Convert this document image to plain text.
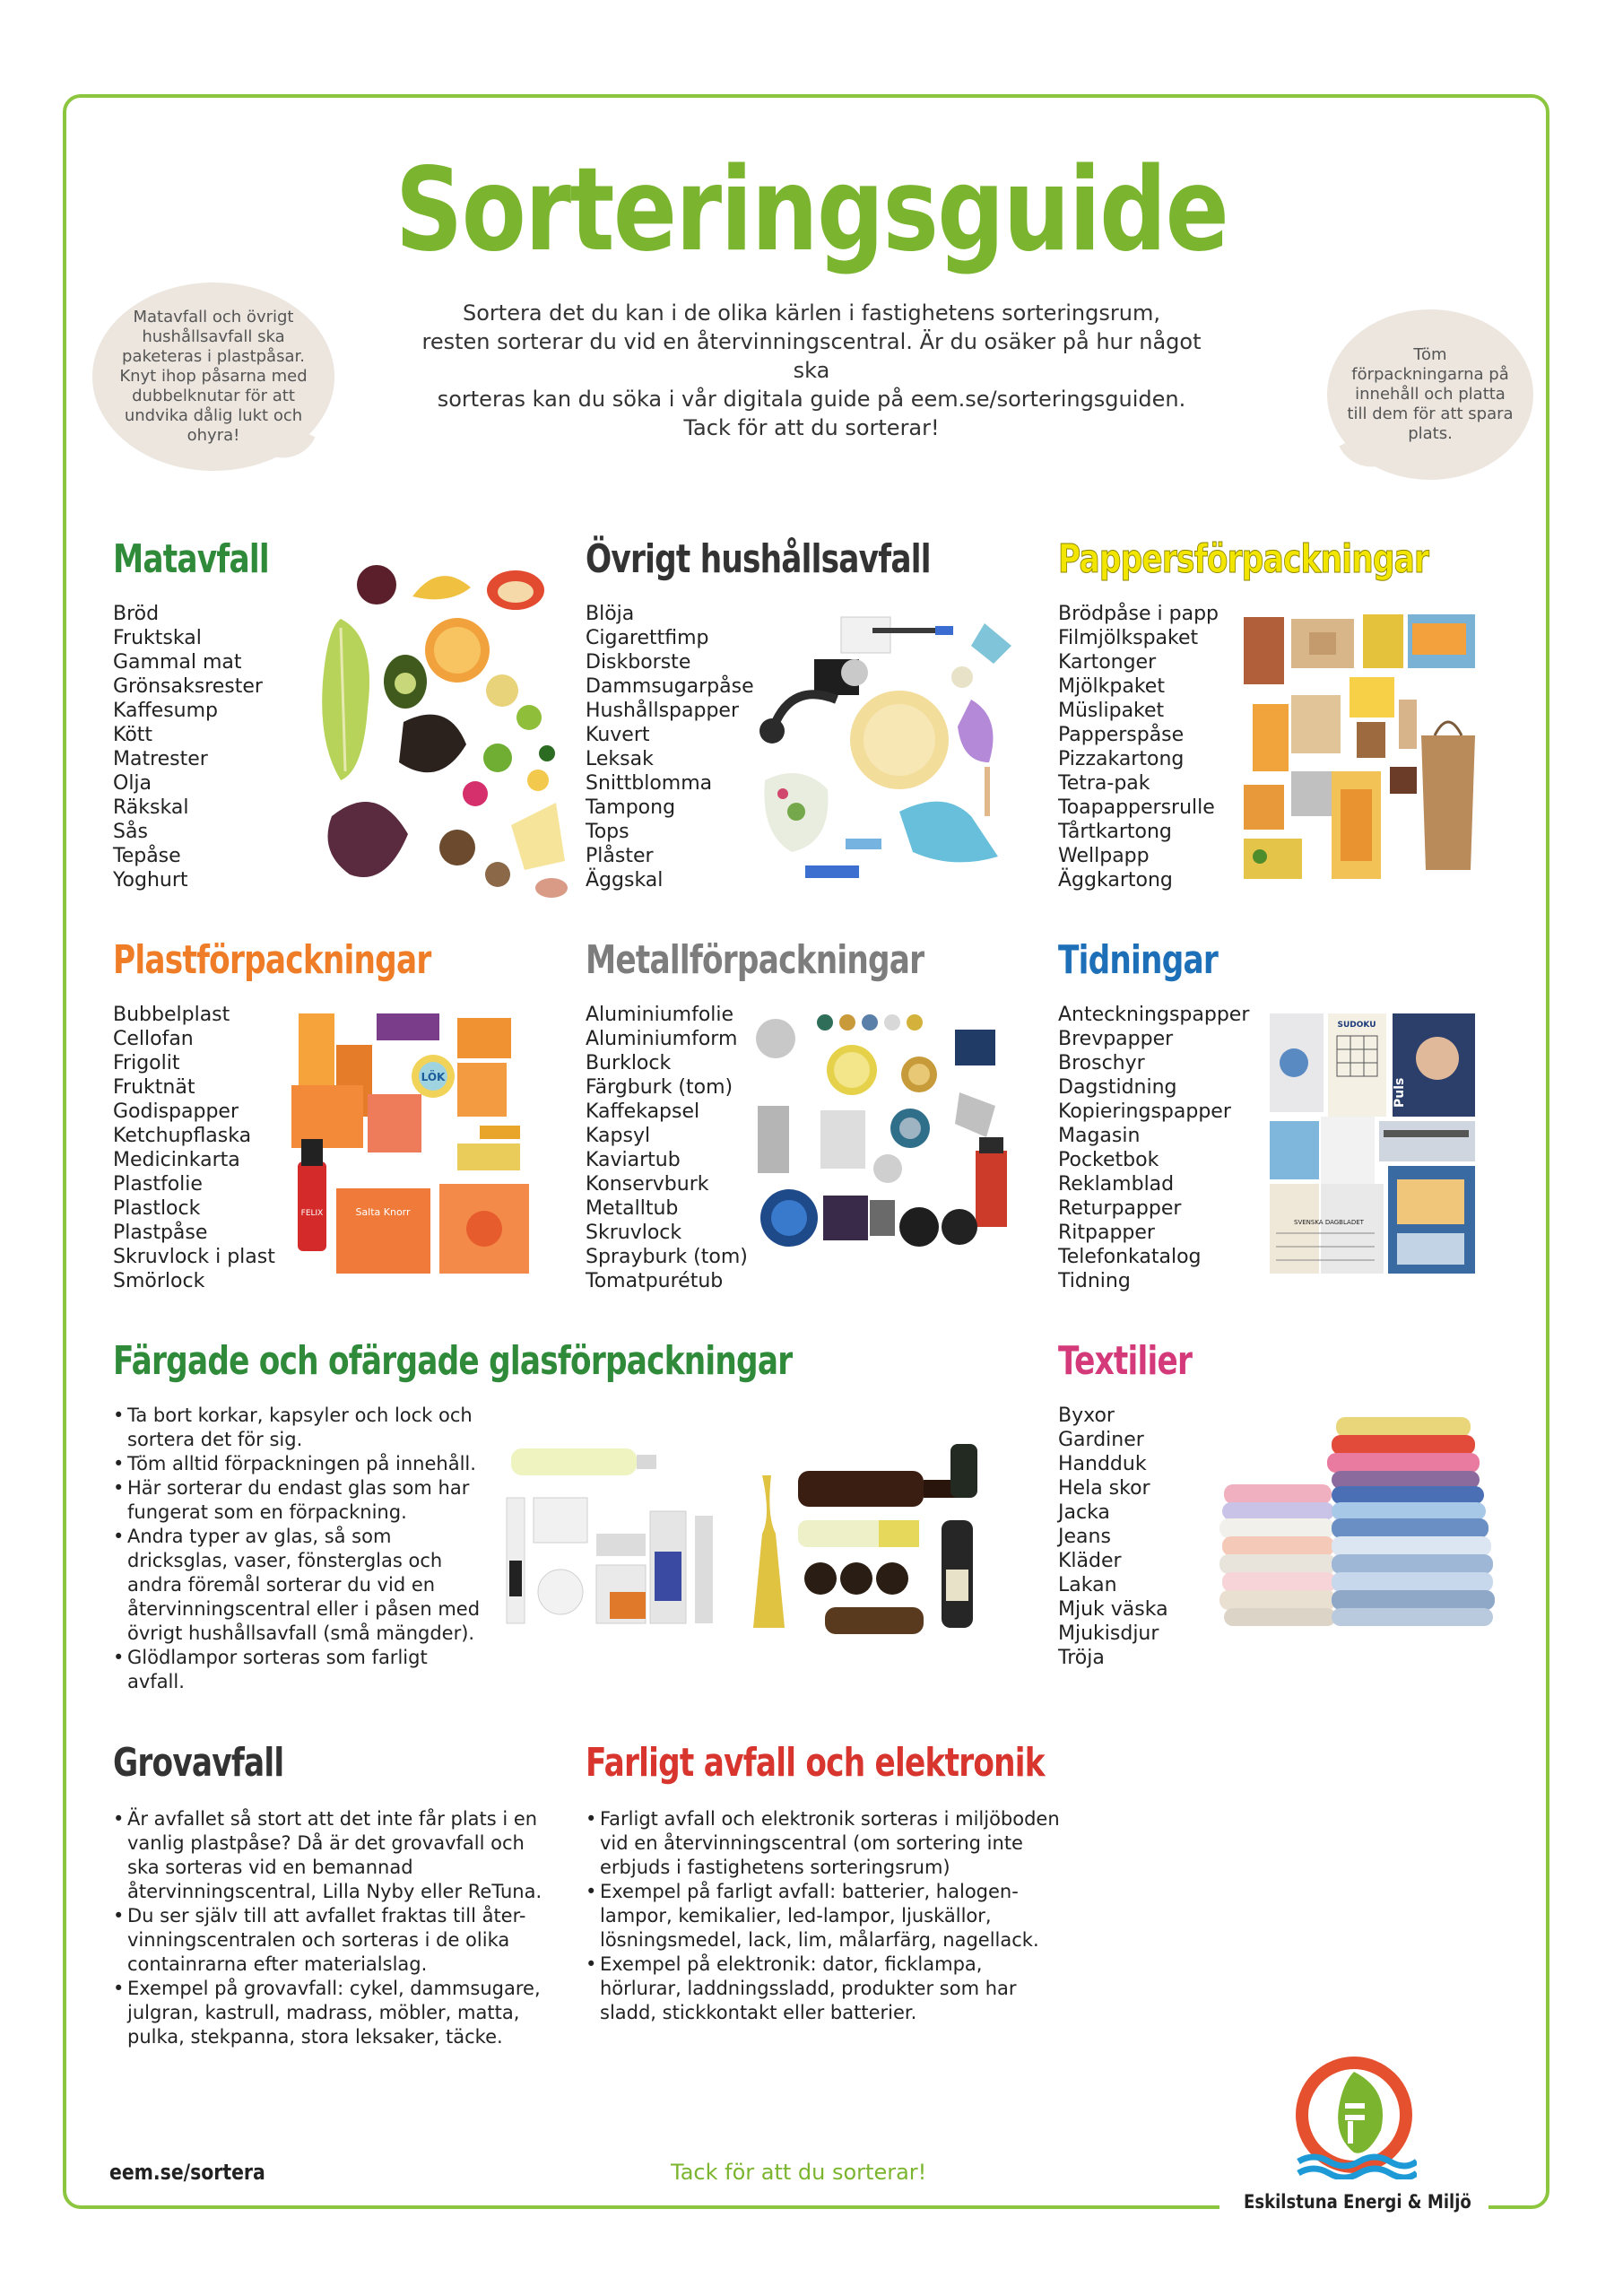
Sorteringsguide

Sortera det du kan i de olika kärlen i fastighetens sorteringsrum,

resten sorterar du vid en återvinningscentral. Är du osäker på hur något ska

sorteras kan du söka i vår digitala guide på eem.se/sorteringsguiden.

Tack för att du sorterar!

Matavfall och övrigt hushållsavfall ska paketeras i plastpåsar. Knyt ihop påsarna med dubbelknutar för att undvika dålig lukt och ohyra!
Töm förpackningarna på innehåll och platta till dem för att spara plats.
Matavfall
Bröd
Fruktskal
Gammal mat
Grönsaksrester
Kaffesump
Kött
Matrester
Olja
Räkskal
Sås
Tepåse
Yoghurt
Övrigt hushållsavfall
Blöja
Cigarettfimp
Diskborste
Dammsugarpåse
Hushållspapper
Kuvert
Leksak
Snittblomma
Tampong
Tops
Plåster
Äggskal
Pappersförpackningar
Brödpåse i papp
Filmjölkspaket
Kartonger
Mjölkpaket
Müslipaket
Papperspåse
Pizzakartong
Tetra-pak
Toapappersrulle
Tårtkartong
Wellpapp
Äggkartong
Plastförpackningar
Bubbelplast
Cellofan
Frigolit
Fruktnät
Godispapper
Ketchupflaska
Medicinkarta
Plastfolie
Plastlock
Plastpåse
Skruvlock i plast
Smörlock
LÖK
FELIX	Salta Knorr
Metallförpackningar
Aluminiumfolie
Aluminiumform
Burklock
Färgburk (tom)
Kaffekapsel
Kapsyl
Kaviartub
Konservburk
Metalltub
Skruvlock
Sprayburk (tom)
Tomatpurétub
Tidningar
Anteckningspapper
Brevpapper
Broschyr
Dagstidning
Kopieringspapper
Magasin
Pocketbok
Reklamblad
Returpapper
Ritpapper
Telefonkatalog
Tidning
SUDOKU
Puls
SVENSKA DAGBLADET
Färgade och ofärgade glasförpackningar
• Ta bort korkar, kapsyler och lock och sortera det för sig.
• Töm alltid förpackningen på innehåll.
• Här sorterar du endast glas som har fungerat som en förpackning.
• Andra typer av glas, så som dricksglas, vaser, fönsterglas och andra föremål sorterar du vid en återvinningscentral eller i påsen med övrigt hushållsavfall (små mängder).
• Glödlampor sorteras som farligt avfall.
Textilier
Byxor
Gardiner
Handduk
Hela skor
Jacka
Jeans
Kläder
Lakan
Mjuk väska
Mjukisdjur
Tröja
Grovavfall
• Är avfallet så stort att det inte får plats i en vanlig plastpåse? Då är det grovavfall och ska sorteras vid en bemannad återvinningscentral, Lilla Nyby eller ReTuna.
• Du ser själv till att avfallet fraktas till åter-vinningscentralen och sorteras i de olika containrarna efter materialslag.
• Exempel på grovavfall: cykel, dammsugare, julgran, kastrull, madrass, möbler, matta, pulka, stekpanna, stora leksaker, täcke.
Farligt avfall och elektronik
• Farligt avfall och elektronik sorteras i miljöboden vid en återvinningscentral (om sortering inte erbjuds i fastighetens sorteringsrum)
• Exempel på farligt avfall: batterier, halogen-lampor, kemikalier, led-lampor, ljuskällor, lösningsmedel, lack, lim, målarfärg, nagellack.
• Exempel på elektronik: dator, ficklampa, hörlurar, laddningssladd, produkter som har sladd, stickkontakt eller batterier.
eem.se/sortera	Tack för att du sorterar!
Eskilstuna Energi & Miljö
